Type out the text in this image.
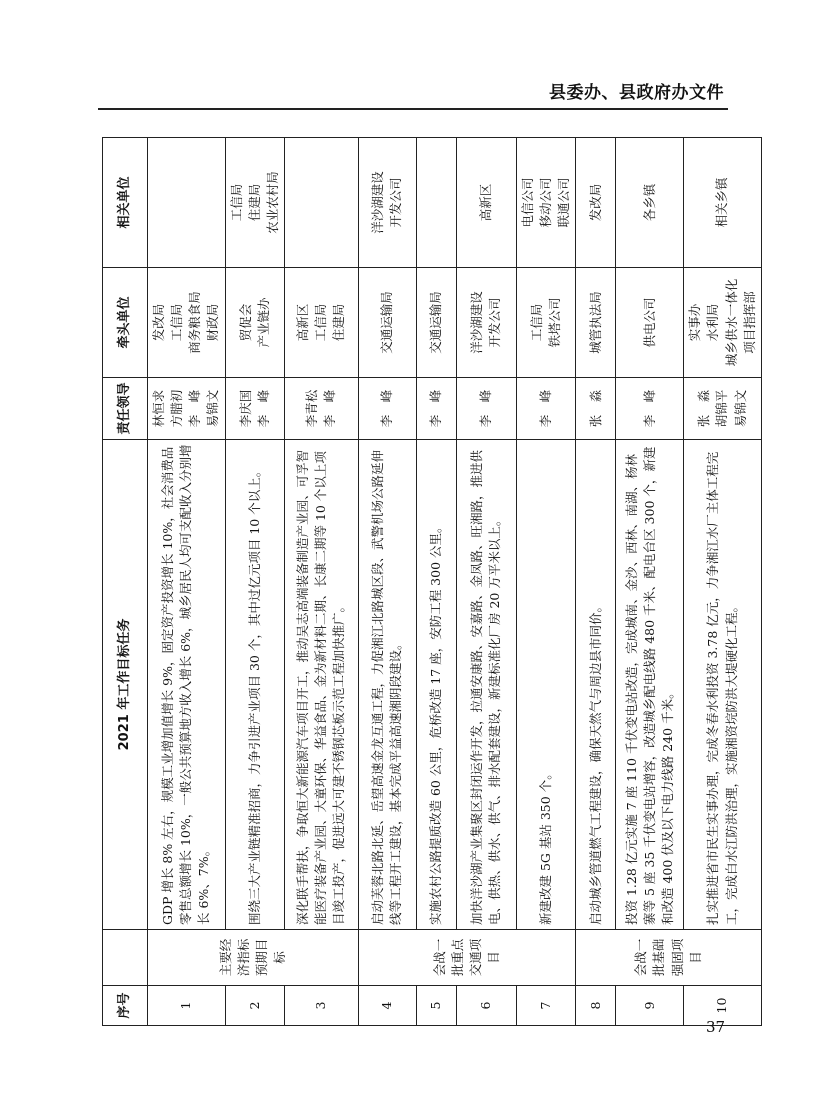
县委办、县政府办文件
序号		2021 年工作目标任务	责任领导	牵头单位	相关单位
1	主要经济指标预期目标	GDP 增长 8% 左右，规模工业增加值增长 9%，固定资产投资增长 10%，社会消费品零售总额增长 10%，一般公共预算地方收入增长 6%，城乡居民人均可支配收入分别增长 6%、7%。	林恒求 方腊初 李　峰 易锦文	发改局 工信局 商务粮食局 财政局	

2		围绕三大产业链精准招商，力争引进产业项目 30 个，其中过亿元项目 10 个以上。	李庆国 李　峰	贸促会 产业链办	工信局 住建局 农业农村局

3		深化联手帮扶，争取恒大新能源汽车项目开工，推动吴志高端装备制造产业园、可孚智能医疗装备产业园、大童环保、华益食品、金为新材料二期、长康二期等 10 个以上项目竣工投产，促进远大可建不锈钢芯板示范工程加快推广。	李青松 李　峰	高新区 工信局 住建局	

4	会战一批重点交通项目	启动芙蓉北路北延、岳望高速金龙互通工程，力促湘江北路城区段、武警机场公路延伸线等工程开工建设，基本完成平益高速湘阴段建设。	李　峰	交通运输局	洋沙湖建设 开发公司

5		实施农村公路提质改造 60 公里，危桥改造 17 座，安防工程 300 公里。	李　峰	交通运输局	

6		加快洋沙湖产业集聚区封闭运作开发，拉通安康路、安嘉路、金凤路、旺湘路，推进供电、供热、供水、供气、排水配套建设，新建标准化厂房 20 万平米以上。	李　峰	洋沙湖建设 开发公司	高新区

7		新建改建 5G 基站 350 个。	李　峰	工信局 铁塔公司	电信公司 移动公司 联通公司

8	会战一批基础强固项目	启动城乡管道燃气工程建设，确保天然气与周边县市同价。	张　淼	城管执法局	发改局

9		投资 1.28 亿元实施 7 座 110 千伏变电站改造，完成城南、金沙、西林、南湖、杨林寨等 5 座 35 千伏变电站增容，改造城乡配电线路 480 千米、配电台区 300 个，新建和改造 400 伏及以下电力线路 240 千米。	李　峰	供电公司	各乡镇

10		扎实推进省市民生实事办理，完成冬春水利投资 3.78 亿元，力争湘江水厂主体工程完工，完成白水江防洪治理，实施湘资垸防洪大堤硬化工程。	张　淼 胡锦平 易锦文	实事办 水利局 城乡供水一体化 项目指挥部	相关乡镇
37
